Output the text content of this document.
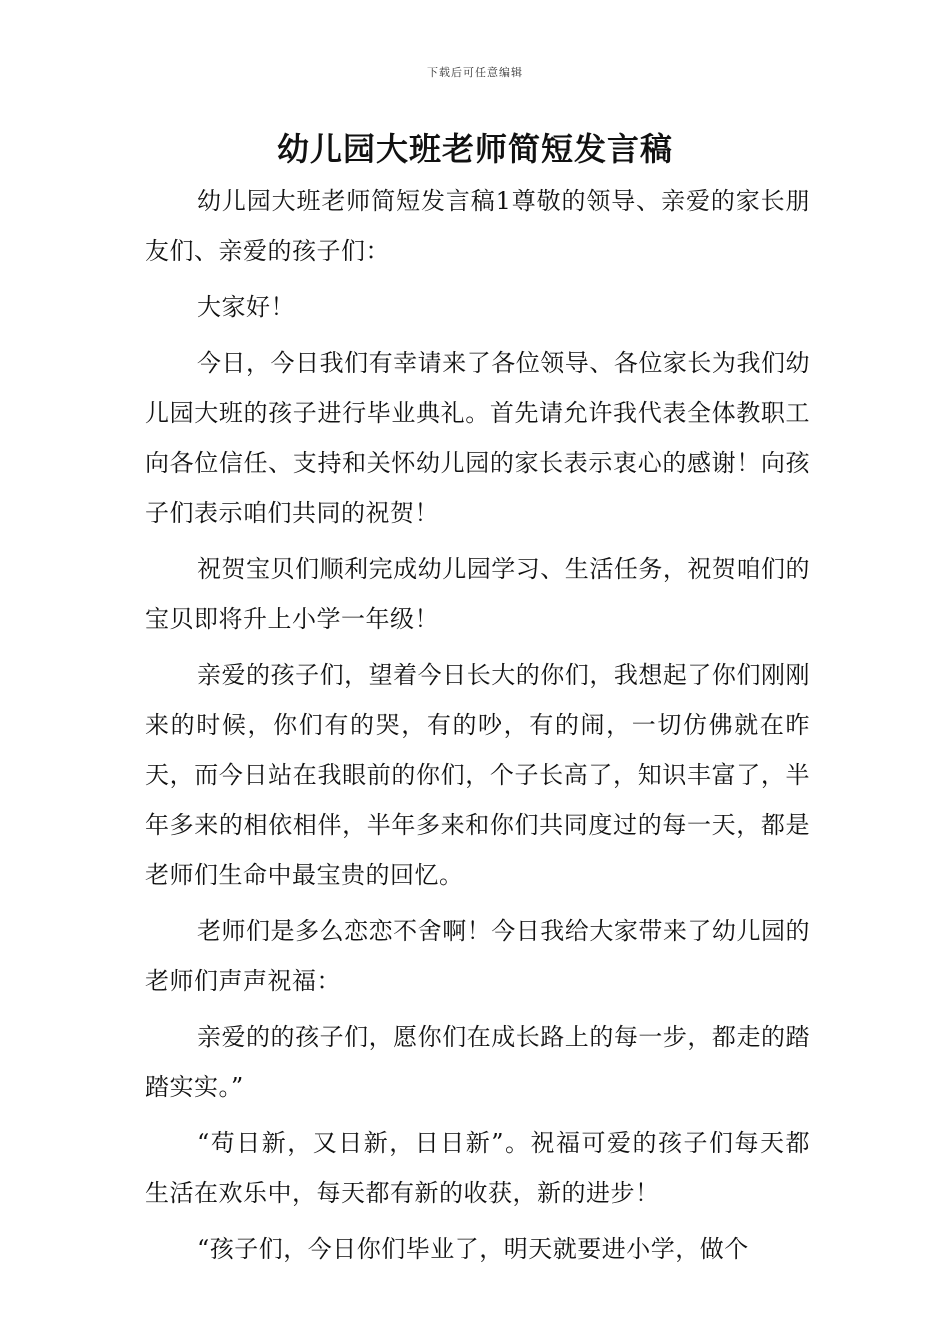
下载后可任意编辑
幼儿园大班老师简短发言稿

幼儿园大班老师简短发言稿1尊敬的领导、亲爱的家长朋友们、亲爱的孩子们：

大家好！

今日，今日我们有幸请来了各位领导、各位家长为我们幼儿园大班的孩子进行毕业典礼。首先请允许我代表全体教职工向各位信任、支持和关怀幼儿园的家长表示衷心的感谢！向孩子们表示咱们共同的祝贺！

祝贺宝贝们顺利完成幼儿园学习、生活任务，祝贺咱们的宝贝即将升上小学一年级！

亲爱的孩子们，望着今日长大的你们，我想起了你们刚刚来的时候，你们有的哭，有的吵，有的闹，一切仿佛就在昨天，而今日站在我眼前的你们，个子长高了，知识丰富了，半年多来的相依相伴，半年多来和你们共同度过的每一天，都是老师们生命中最宝贵的回忆。

老师们是多么恋恋不舍啊！今日我给大家带来了幼儿园的老师们声声祝福：

亲爱的的孩子们，愿你们在成长路上的每一步，都走的踏踏实实。”

“苟日新，又日新，日日新”。祝福可爱的孩子们每天都生活在欢乐中，每天都有新的收获，新的进步！

“孩子们，今日你们毕业了，明天就要进小学，做个
